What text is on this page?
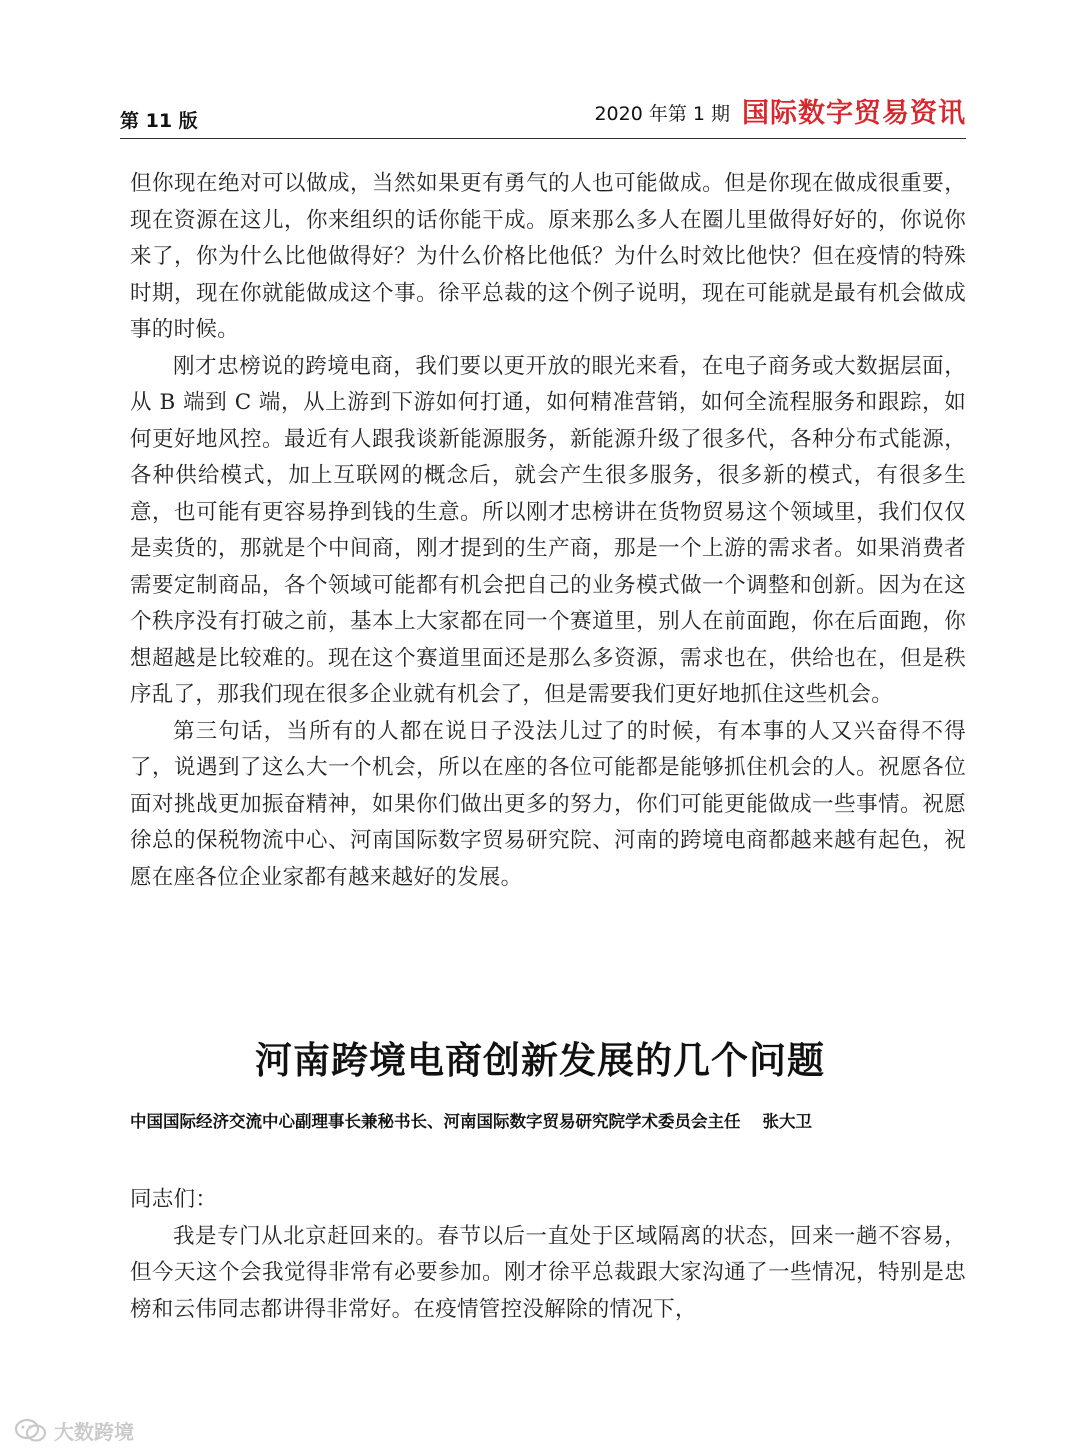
第 11 版	2020 年第 1 期 国际数字贸易资讯

但你现在绝对可以做成，当然如果更有勇气的人也可能做成。但是你现在做成很重要，现在资源在这儿，你来组织的话你能干成。原来那么多人在圈儿里做得好好的，你说你来了，你为什么比他做得好？为什么价格比他低？为什么时效比他快？但在疫情的特殊时期，现在你就能做成这个事。徐平总裁的这个例子说明，现在可能就是最有机会做成事的时候。

刚才忠榜说的跨境电商，我们要以更开放的眼光来看，在电子商务或大数据层面，从 B 端到 C 端，从上游到下游如何打通，如何精准营销，如何全流程服务和跟踪，如何更好地风控。最近有人跟我谈新能源服务，新能源升级了很多代，各种分布式能源，各种供给模式，加上互联网的概念后，就会产生很多服务，很多新的模式，有很多生意，也可能有更容易挣到钱的生意。所以刚才忠榜讲在货物贸易这个领域里，我们仅仅是卖货的，那就是个中间商，刚才提到的生产商，那是一个上游的需求者。如果消费者需要定制商品，各个领域可能都有机会把自己的业务模式做一个调整和创新。因为在这个秩序没有打破之前，基本上大家都在同一个赛道里，别人在前面跑，你在后面跑，你想超越是比较难的。现在这个赛道里面还是那么多资源，需求也在，供给也在，但是秩序乱了，那我们现在很多企业就有机会了，但是需要我们更好地抓住这些机会。

第三句话，当所有的人都在说日子没法儿过了的时候，有本事的人又兴奋得不得了，说遇到了这么大一个机会，所以在座的各位可能都是能够抓住机会的人。祝愿各位面对挑战更加振奋精神，如果你们做出更多的努力，你们可能更能做成一些事情。祝愿徐总的保税物流中心、河南国际数字贸易研究院、河南的跨境电商都越来越有起色，祝愿在座各位企业家都有越来越好的发展。

河南跨境电商创新发展的几个问题
中国国际经济交流中心副理事长兼秘书长、河南国际数字贸易研究院学术委员会主任 张大卫

同志们：

我是专门从北京赶回来的。春节以后一直处于区域隔离的状态，回来一趟不容易，但今天这个会我觉得非常有必要参加。刚才徐平总裁跟大家沟通了一些情况，特别是忠榜和云伟同志都讲得非常好。在疫情管控没解除的情况下，

大数跨境
